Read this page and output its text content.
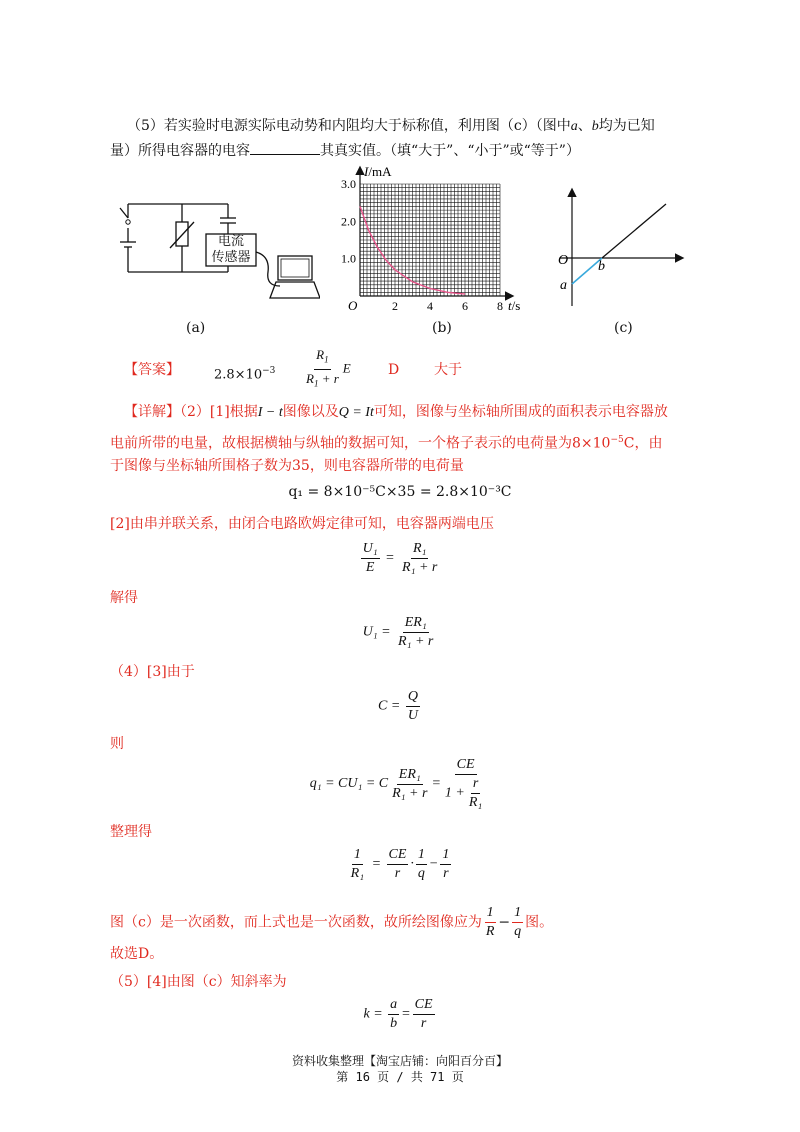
（5）若实验时电源实际电动势和内阻均大于标称值，利用图（c）（图中a、b均为已知
量）所得电容器的电容	其真实值。（填“大于”、“小于”或“等于”）
电流
传感器
(a)
3.0
2.0
1.0
2 4 6 8
O
I/mA
t/s
(b)
O
a
b
(c)
【答案】	$2.8\times 10^{-3} \frac{R_1}{R_1 + r}$ E	D 大于
【详解】（2）[1]根据I − t图像以及Q = It可知，图像与坐标轴所围成的面积表示电容器放
电前所带的电量，故根据横轴与纵轴的数据可知，一个格子表示的电荷量为$8\times 10^{-5}C$，由
于图像与坐标轴所围格子数为35，则电容器所带的电荷量
q₁ = 8×10⁻⁵C×35 = 2.8×10⁻³C
[2]由串并联关系，由闭合电路欧姆定律可知，电容器两端电压
$\frac{\text{U₁}}{E} = \frac{\text{R₁}}{\text{R₁ + r}}$
解得
$U_1 = \frac{\text{ER₁}}{\text{R₁ + r}}$
（4）[3]由于
$C = \frac{Q}{U}$
则
q₁ = CU₁ = C $\frac{\text{ER₁}}{\text{R₁ + r}} = \frac{CE}{1 + \frac{r}{\text{R₁}}}$
整理得
$\frac{1}{\text{R₁}} = \frac{CE}{r} \cdot \frac{1}{q} - \frac{1}{r}$
图（c）是一次函数，而上式也是一次函数，故所绘图像应为 $\frac{1}{R} - \frac{1}{q}$ 图。
故选D。
（5）[4]由图（c）知斜率为
$k = \frac{a}{b} = \frac{CE}{r}$
资料收集整理【淘宝店铺：向阳百分百】
第 16 页 / 共 71 页
